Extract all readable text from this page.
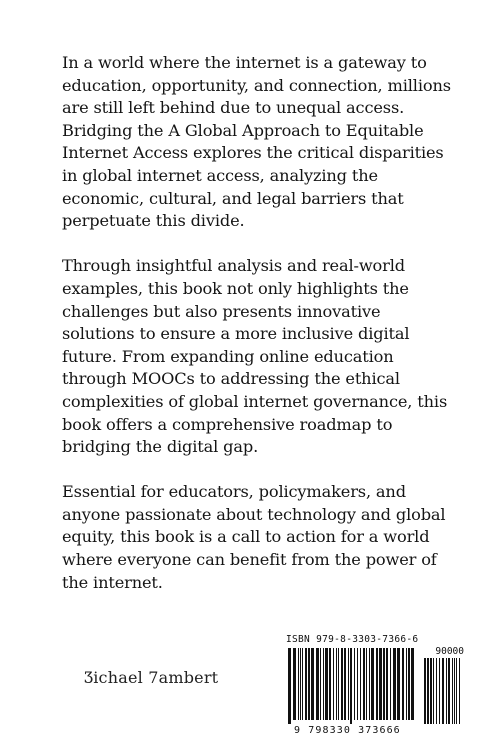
In a world where the internet is a gateway to education, opportunity, and connection, millions are still left behind due to unequal access. Bridging the A Global Approach to Equitable Internet Access explores the critical disparities in global internet access, analyzing the economic, cultural, and legal barriers that perpetuate this divide.

Through insightful analysis and real-world examples, this book not only highlights the challenges but also presents innovative solutions to ensure a more inclusive digital future. From expanding online education through MOOCs to addressing the ethical complexities of global internet governance, this book offers a comprehensive roadmap to bridging the digital gap.

Essential for educators, policymakers, and anyone passionate about technology and global equity, this book is a call to action for a world where everyone can benefit from the power of the internet.

Ʒichael 7ambert
ISBN 979-8-3303-7366-6
90000
9 798330 373666
